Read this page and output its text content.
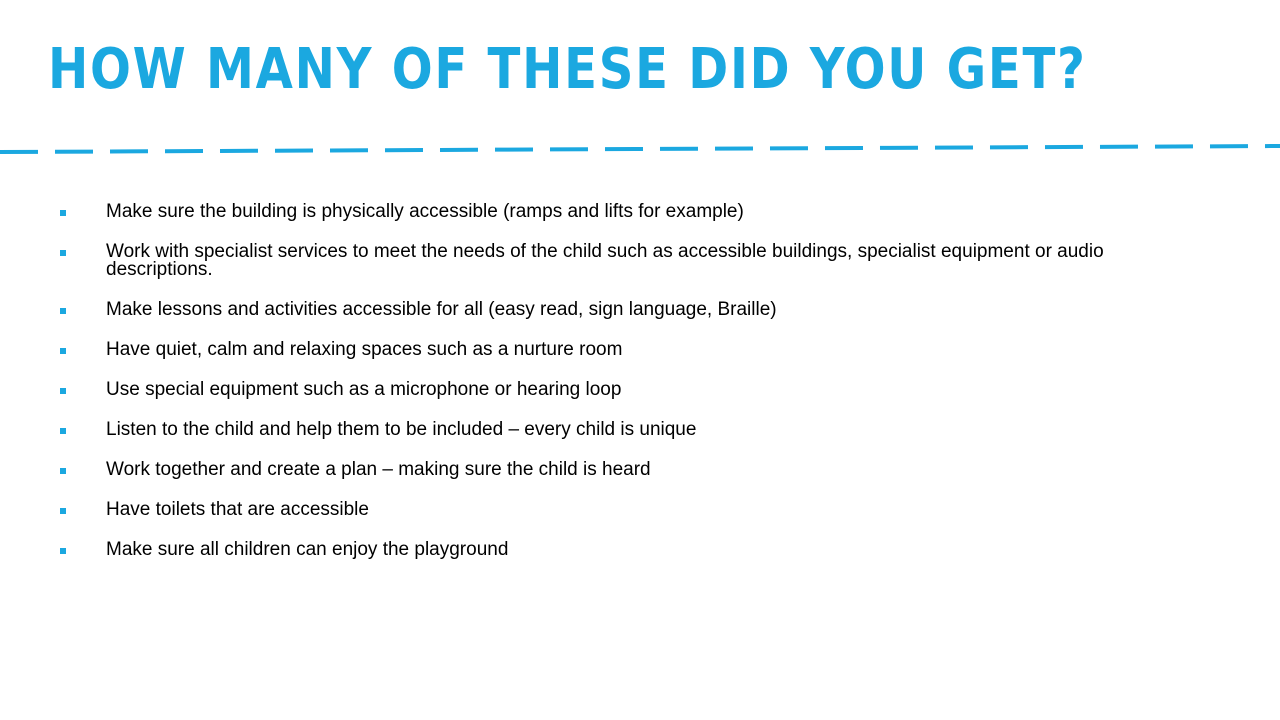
HOW MANY OF THESE DID YOU GET?
Make sure the building is physically accessible (ramps and lifts for example)
Work with specialist services to meet the needs of the child such as accessible buildings, specialist equipment or audio descriptions.
Make lessons and activities accessible for all (easy read, sign language, Braille)
Have quiet, calm and relaxing spaces such as a nurture room
Use special equipment such as a microphone or hearing loop
Listen to the child and help them to be included – every child is unique
Work together and create a plan – making sure the child is heard
Have toilets that are accessible
Make sure all children can enjoy the playground
